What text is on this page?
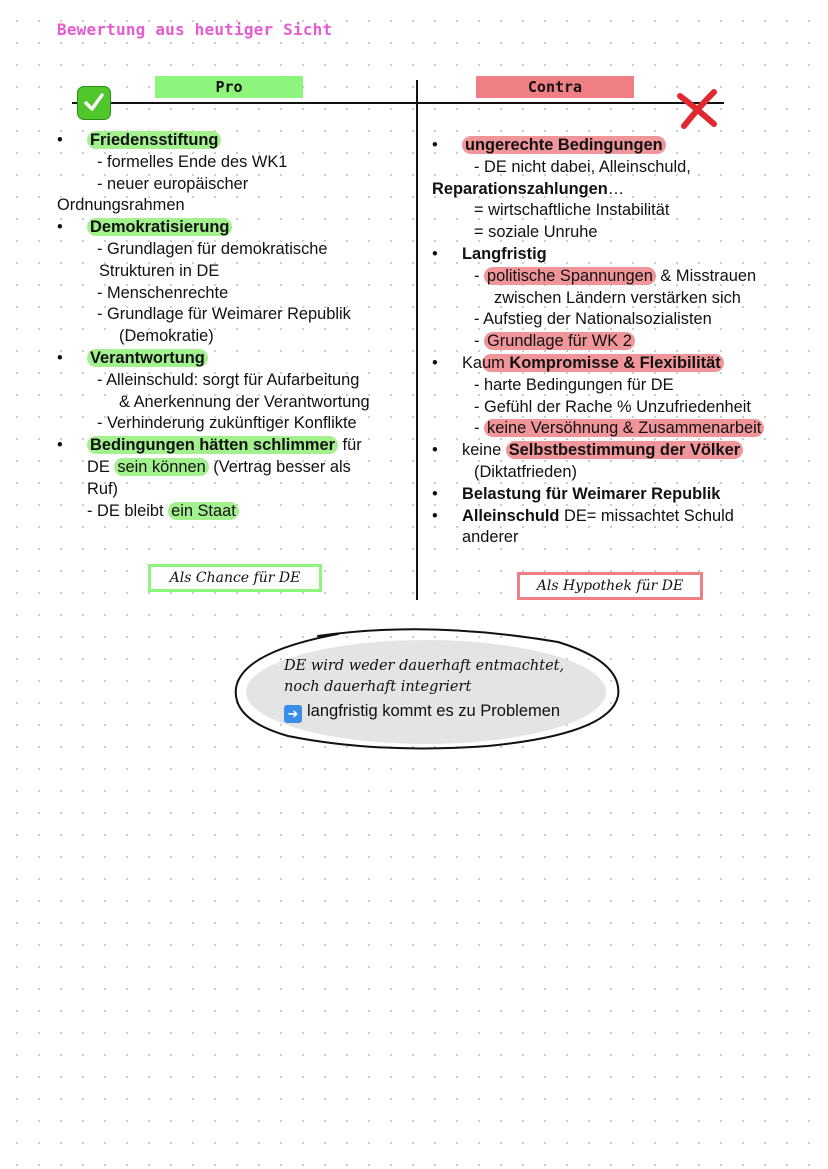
Bewertung aus heutiger Sicht
Pro	Contra
• Friedensstiftung
- formelles Ende des WK1
- neuer europäischer
Ordnungsrahmen
• Demokratisierung
- Grundlagen für demokratische
Strukturen in DE
- Menschenrechte
- Grundlage für Weimarer Republik
(Demokratie)
• Verantwortung
- Alleinschuld: sorgt für Aufarbeitung
& Anerkennung der Verantwortung
- Verhinderung zukünftiger Konflikte
• Bedingungen hätten schlimmer für
DE sein können (Vertrag besser als
Ruf)
- DE bleibt ein Staat
• ungerechte Bedingungen
- DE nicht dabei, Alleinschuld,
Reparationszahlungen…
= wirtschaftliche Instabilität
= soziale Unruhe
• Langfristig
- politische Spannungen & Misstrauen
zwischen Ländern verstärken sich
- Aufstieg der Nationalsozialisten
- Grundlage für WK 2
• Kaum Kompromisse & Flexibilität
- harte Bedingungen für DE
- Gefühl der Rache % Unzufriedenheit
- keine Versöhnung & Zusammenarbeit
• keine Selbstbestimmung der Völker
(Diktatfrieden)
• Belastung für Weimarer Republik
• Alleinschuld DE= missachtet Schuld
anderer
Als Chance für DE	Als Hypothek für DE
DE wird weder dauerhaft entmachtet,
noch dauerhaft integriert
➜ langfristig kommt es zu Problemen
